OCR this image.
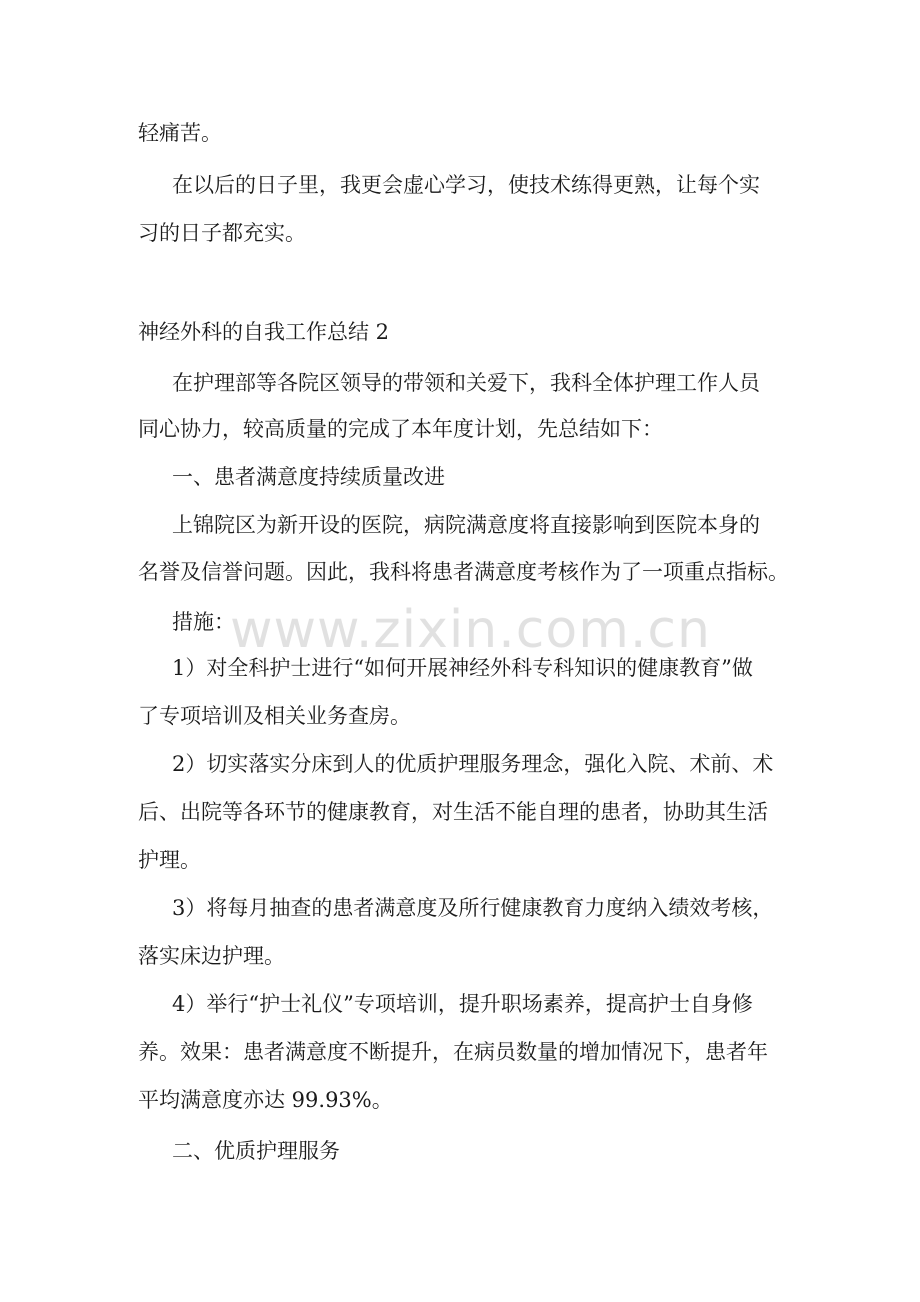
轻痛苦。
在以后的日子里，我更会虚心学习，使技术练得更熟，让每个实
习的日子都充实。
神经外科的自我工作总结 2
在护理部等各院区领导的带领和关爱下，我科全体护理工作人员
同心协力，较高质量的完成了本年度计划，先总结如下：
一、患者满意度持续质量改进
上锦院区为新开设的医院，病院满意度将直接影响到医院本身的
名誉及信誉问题。因此，我科将患者满意度考核作为了一项重点指标。
措施：
1）对全科护士进行“如何开展神经外科专科知识的健康教育”做
了专项培训及相关业务查房。
2）切实落实分床到人的优质护理服务理念，强化入院、术前、术
后、出院等各环节的健康教育，对生活不能自理的患者，协助其生活
护理。
3）将每月抽查的患者满意度及所行健康教育力度纳入绩效考核，
落实床边护理。
4）举行“护士礼仪”专项培训，提升职场素养，提高护士自身修
养。效果：患者满意度不断提升，在病员数量的增加情况下，患者年
平均满意度亦达 99.93%。
二、优质护理服务
www.zixin.com.cn
